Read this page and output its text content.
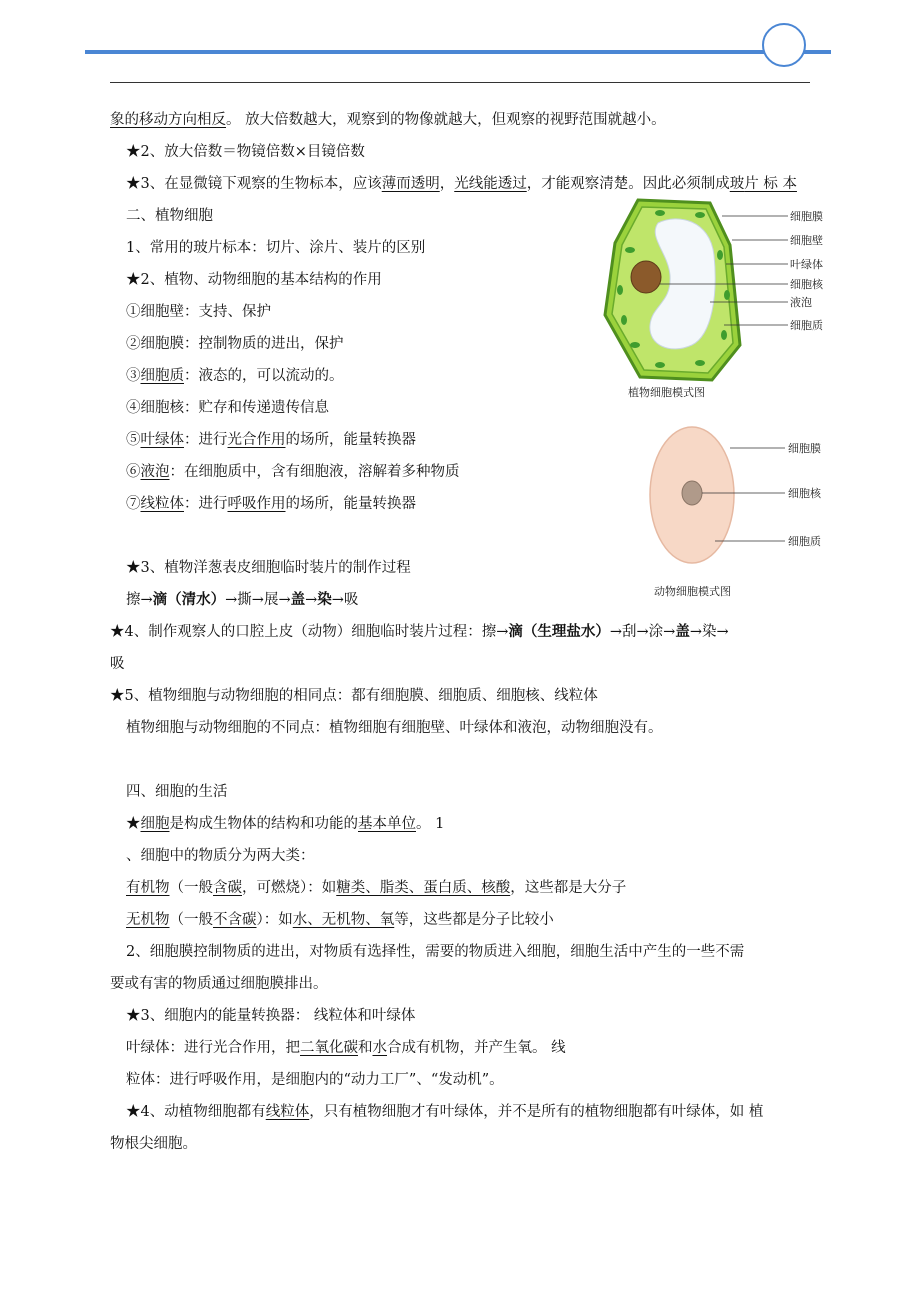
象的移动方向相反。 放大倍数越大，观察到的物像就越大，但观察的视野范围就越小。
★2、放大倍数＝物镜倍数×目镜倍数
★3、在显微镜下观察的生物标本，应该薄而透明，光线能透过，才能观察清楚。因此必须制成玻片 标 本
二、植物细胞
1、常用的玻片标本：切片、涂片、装片的区别
★2、植物、动物细胞的基本结构的作用
①细胞壁：支持、保护
②细胞膜：控制物质的进出，保护
③细胞质：液态的，可以流动的。
④细胞核：贮存和传递遗传信息
⑤叶绿体：进行光合作用的场所，能量转换器
⑥液泡：在细胞质中，含有细胞液，溶解着多种物质
⑦线粒体：进行呼吸作用的场所，能量转换器
★3、植物洋葱表皮细胞临时装片的制作过程
擦→滴（清水）→撕→展→盖→染→吸
★4、制作观察人的口腔上皮（动物）细胞临时装片过程：擦→滴（生理盐水）→刮→涂→盖→染→
吸
★5、植物细胞与动物细胞的相同点：都有细胞膜、细胞质、细胞核、线粒体
植物细胞与动物细胞的不同点：植物细胞有细胞壁、叶绿体和液泡，动物细胞没有。
四、细胞的生活
★细胞是构成生物体的结构和功能的基本单位。 1
、细胞中的物质分为两大类：
有机物（一般含碳，可燃烧）：如糖类、脂类、蛋白质、核酸，这些都是大分子
无机物（一般不含碳）：如水、无机物、氧等，这些都是分子比较小
2、细胞膜控制物质的进出，对物质有选择性，需要的物质进入细胞，细胞生活中产生的一些不需
要或有害的物质通过细胞膜排出。
★3、细胞内的能量转换器： 线粒体和叶绿体
叶绿体：进行光合作用，把二氧化碳和水合成有机物，并产生氧。 线
粒体：进行呼吸作用，是细胞内的“动力工厂”、“发动机”。
★4、动植物细胞都有线粒体，只有植物细胞才有叶绿体，并不是所有的植物细胞都有叶绿体，如 植
物根尖细胞。
细胞膜
细胞壁
叶绿体
细胞核
液泡
细胞质
植物细胞模式图
细胞膜
细胞核
细胞质
动物细胞模式图
